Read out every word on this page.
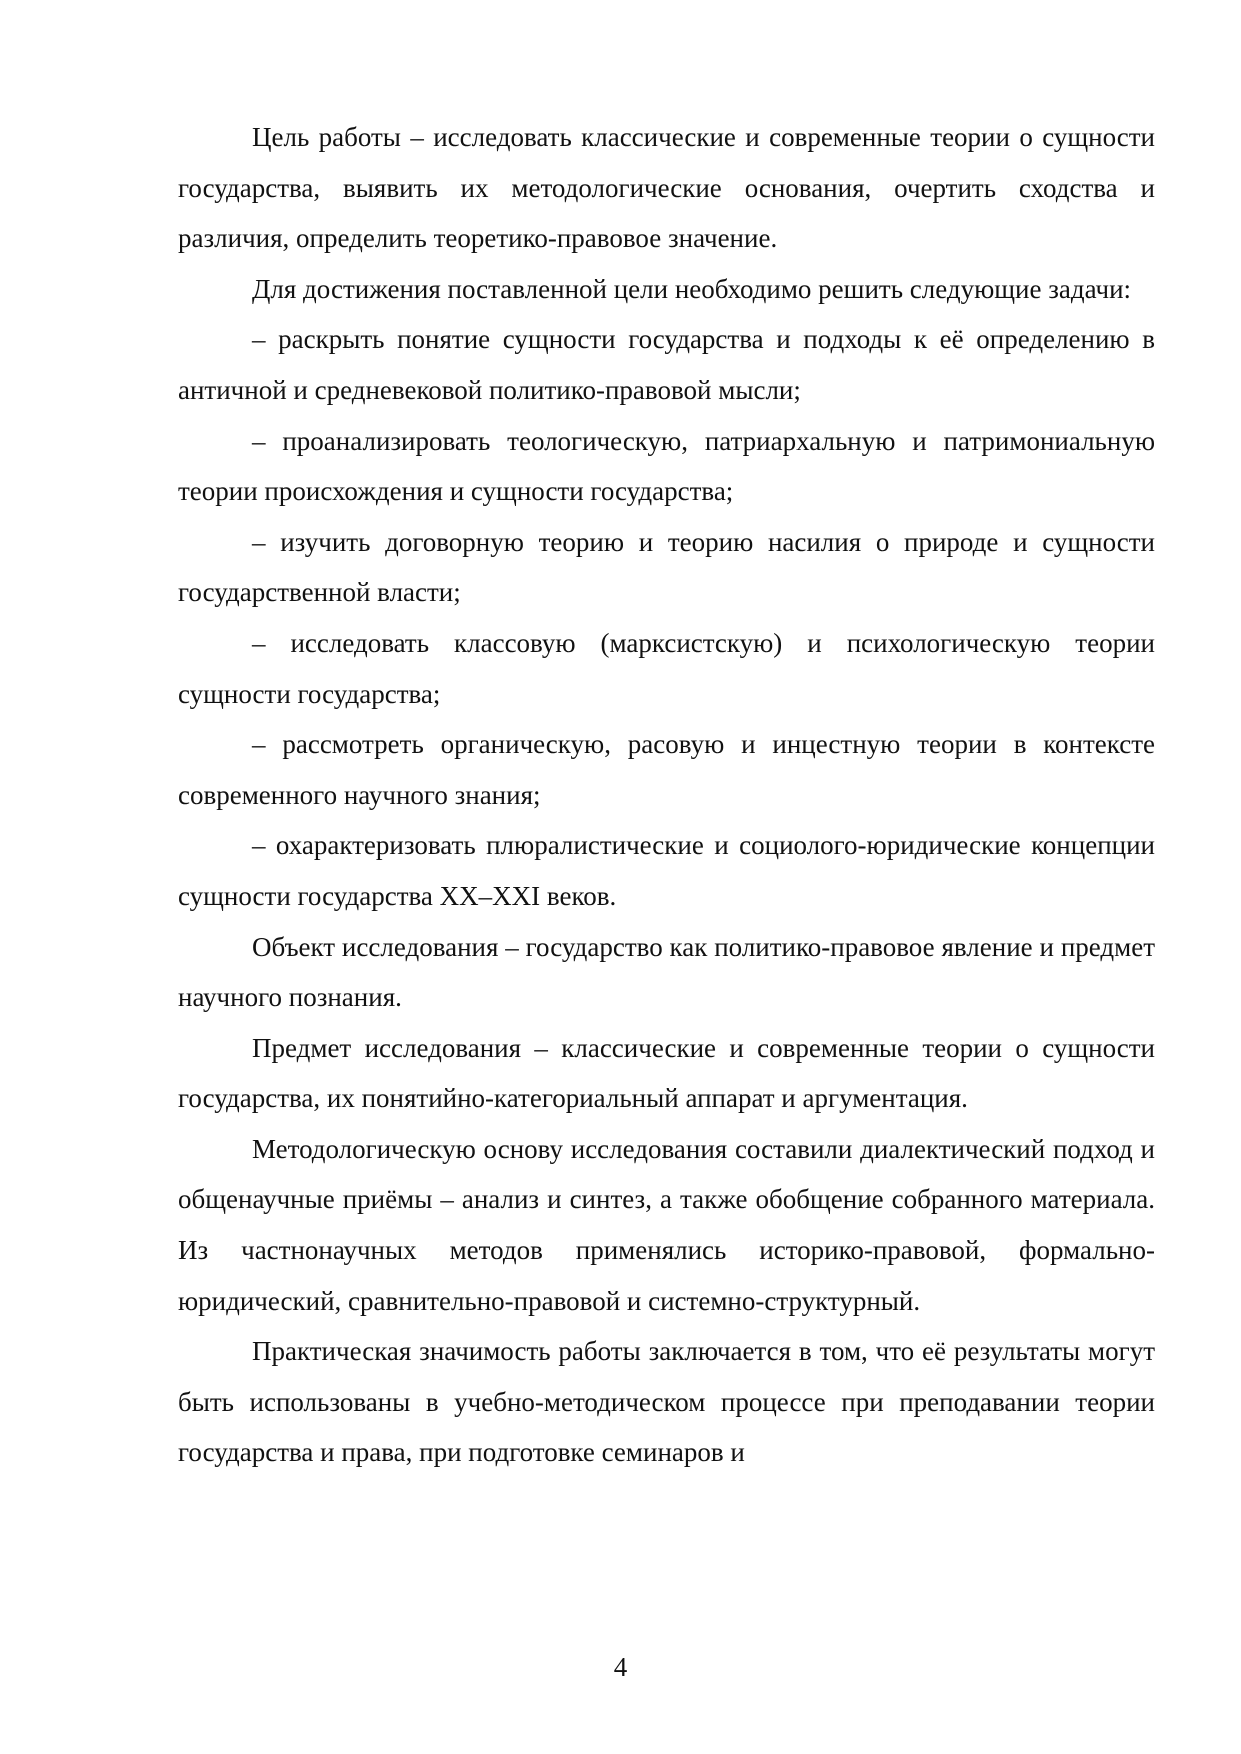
Цель работы – исследовать классические и современные теории о сущности государства, выявить их методологические основания, очертить сходства и различия, определить теоретико-правовое значение.

Для достижения поставленной цели необходимо решить следующие задачи:

– раскрыть понятие сущности государства и подходы к её определению в античной и средневековой политико-правовой мысли;

– проанализировать теологическую, патриархальную и патримониальную теории происхождения и сущности государства;

– изучить договорную теорию и теорию насилия о природе и сущности государственной власти;

– исследовать классовую (марксистскую) и психологическую теории сущности государства;

– рассмотреть органическую, расовую и инцестную теории в контексте современного научного знания;

– охарактеризовать плюралистические и социолого-юридические концепции сущности государства XX–XXI веков.

Объект исследования – государство как политико-правовое явление и предмет научного познания.

Предмет исследования – классические и современные теории о сущности государства, их понятийно-категориальный аппарат и аргументация.

Методологическую основу исследования составили диалектический подход и общенаучные приёмы – анализ и синтез, а также обобщение собранного материала. Из частнонаучных методов применялись историко-правовой, формально-юридический, сравнительно-правовой и системно-структурный.

Практическая значимость работы заключается в том, что её результаты могут быть использованы в учебно-методическом процессе при преподавании теории государства и права, при подготовке семинаров и

4
